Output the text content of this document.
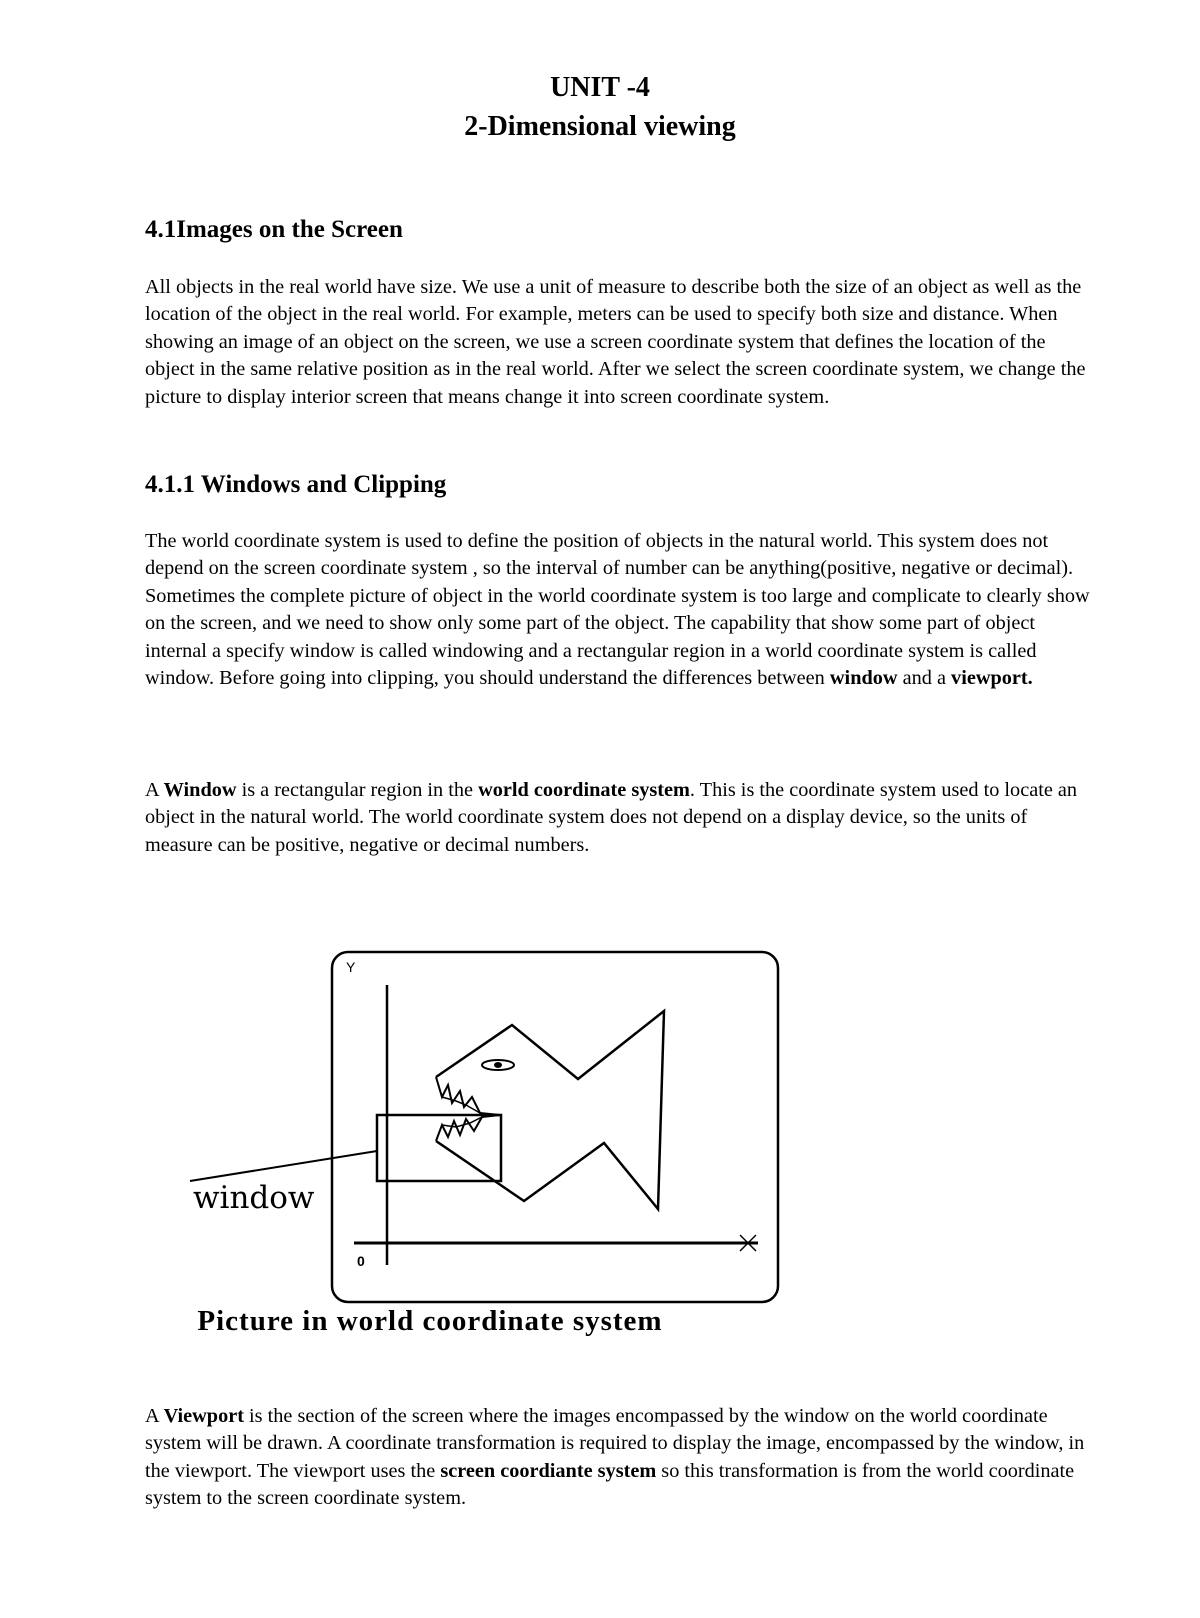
UNIT -4
2-Dimensional viewing
4.1Images on the Screen

All objects in the real world have size. We use a unit of measure to describe both the size of an object as well as the location of the object in the real world. For example, meters can be used to specify both size and distance. When showing an image of an object on the screen, we use a screen coordinate system that defines the location of the object in the same relative position as in the real world. After we select the screen coordinate system, we change the picture to display interior screen that means change it into screen coordinate system.

4.1.1 Windows and Clipping

The world coordinate system is used to define the position of objects in the natural world. This system does not depend on the screen coordinate system , so the interval of number can be anything(positive, negative or decimal). Sometimes the complete picture of object in the world coordinate system is too large and complicate to clearly show on the screen, and we need to show only some part of the object. The capability that show some part of object internal a specify window is called windowing and a rectangular region in a world coordinate system is called window. Before going into clipping, you should understand the differences between window and a viewport.

A Window is a rectangular region in the world coordinate system. This is the coordinate system used to locate an object in the natural world. The world coordinate system does not depend on a display device, so the units of measure can be positive, negative or decimal numbers.

Y
0
window

Picture in world coordinate system

A Viewport is the section of the screen where the images encompassed by the window on the world coordinate system will be drawn. A coordinate transformation is required to display the image, encompassed by the window, in the viewport. The viewport uses the screen coordiante system so this transformation is from the world coordinate system to the screen coordinate system.
